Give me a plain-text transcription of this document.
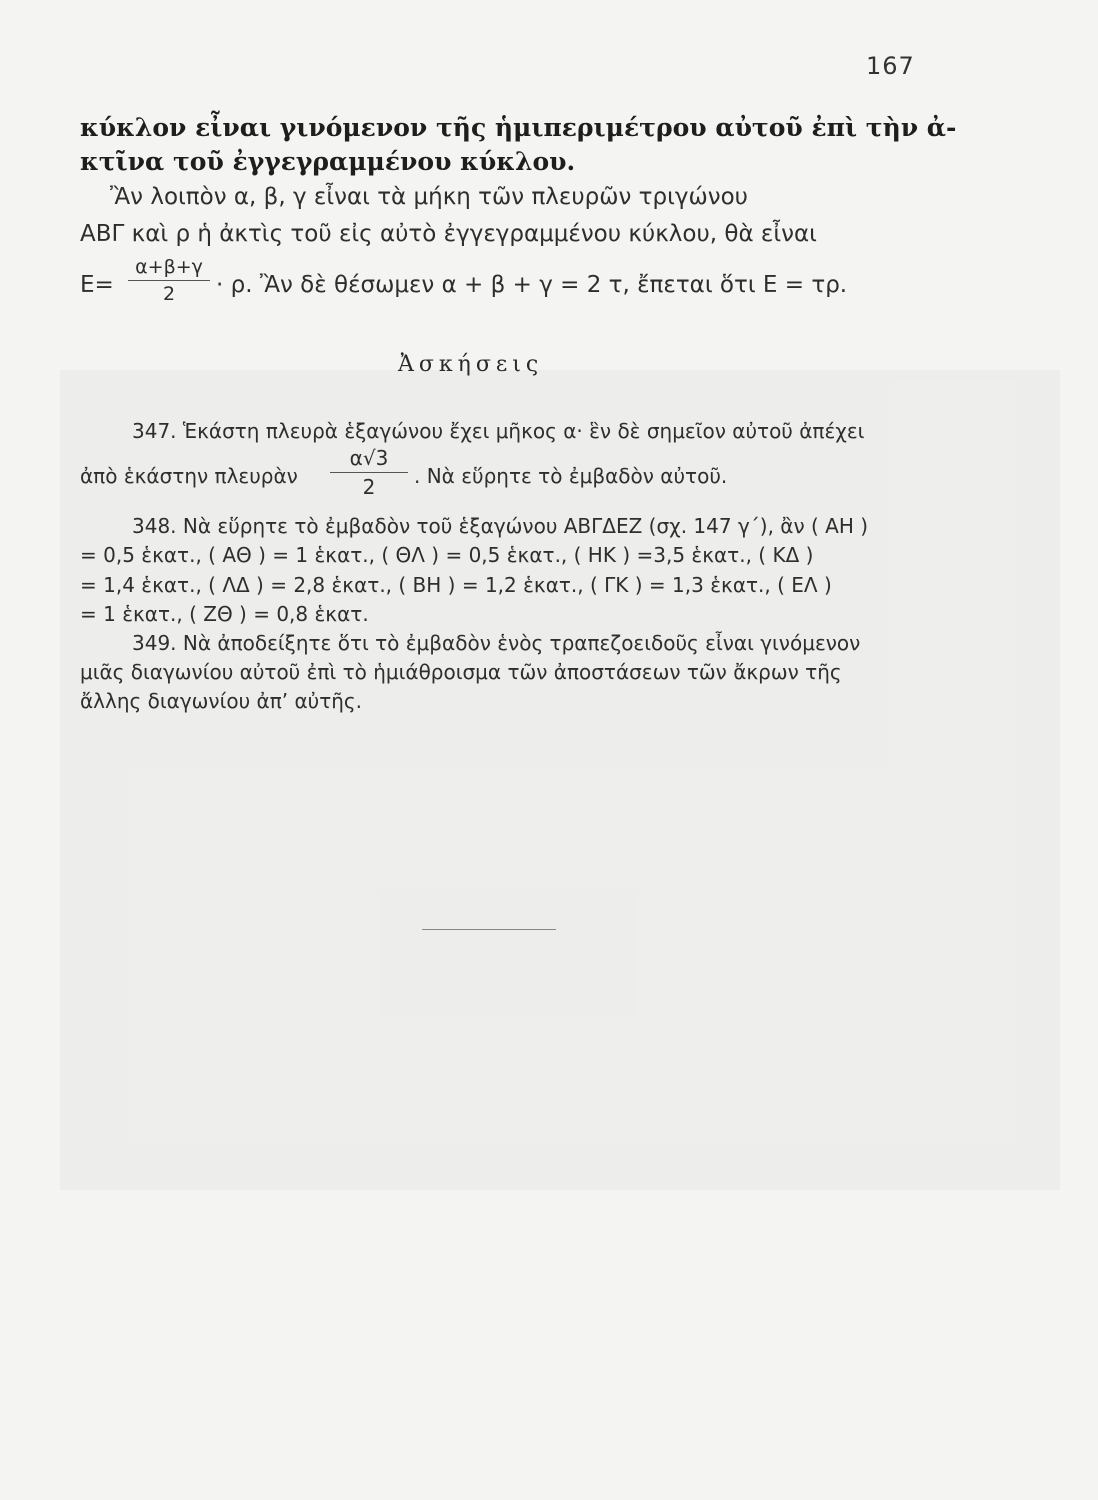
167
κύκλον εἶναι γινόμενον τῆς ἡμιπεριμέτρου αὐτοῦ ἐπὶ τὴν ἀ-
κτῖνα τοῦ ἐγγεγραμμένου κύκλου.
Ἂν λοιπὸν α, β, γ εἶναι τὰ μήκη τῶν πλευρῶν τριγώνου
ΑΒΓ καὶ ρ ἡ ἀκτὶς τοῦ εἰς αὐτὸ ἐγγεγραμμένου κύκλου, θὰ εἶναι
Ε=
α+β+γ
2	· ρ. Ἂν δὲ θέσωμεν α + β + γ = 2 τ, ἔπεται ὅτι Ε = τρ.
Ἀσκήσεις
347. Ἑκάστη πλευρὰ ἑξαγώνου ἔχει μῆκος α· ἓν δὲ σημεῖον αὐτοῦ ἀπέχει
ἀπὸ ἑκάστην πλευρὰν
α√3
2	. Νὰ εὕρητε τὸ ἐμβαδὸν αὐτοῦ.
348. Νὰ εὕρητε τὸ ἐμβαδὸν τοῦ ἑξαγώνου ΑΒΓΔΕΖ (σχ. 147 γ΄), ἂν ( ΑΗ )
= 0,5 ἑκατ., ( ΑΘ ) = 1 ἑκατ., ( ΘΛ ) = 0,5 ἑκατ., ( ΗΚ ) =3,5 ἑκατ., ( ΚΔ )
= 1,4 ἑκατ., ( ΛΔ ) = 2,8 ἑκατ., ( ΒΗ ) = 1,2 ἑκατ., ( ΓΚ ) = 1,3 ἑκατ., ( ΕΛ )
= 1 ἑκατ., ( ΖΘ ) = 0,8 ἑκατ.
349. Νὰ ἀποδείξητε ὅτι τὸ ἐμβαδὸν ἑνὸς τραπεζοειδοῦς εἶναι γινόμενον
μιᾶς διαγωνίου αὐτοῦ ἐπὶ τὸ ἡμιάθροισμα τῶν ἀποστάσεων τῶν ἄκρων τῆς
ἄλλης διαγωνίου ἀπ’ αὐτῆς.
